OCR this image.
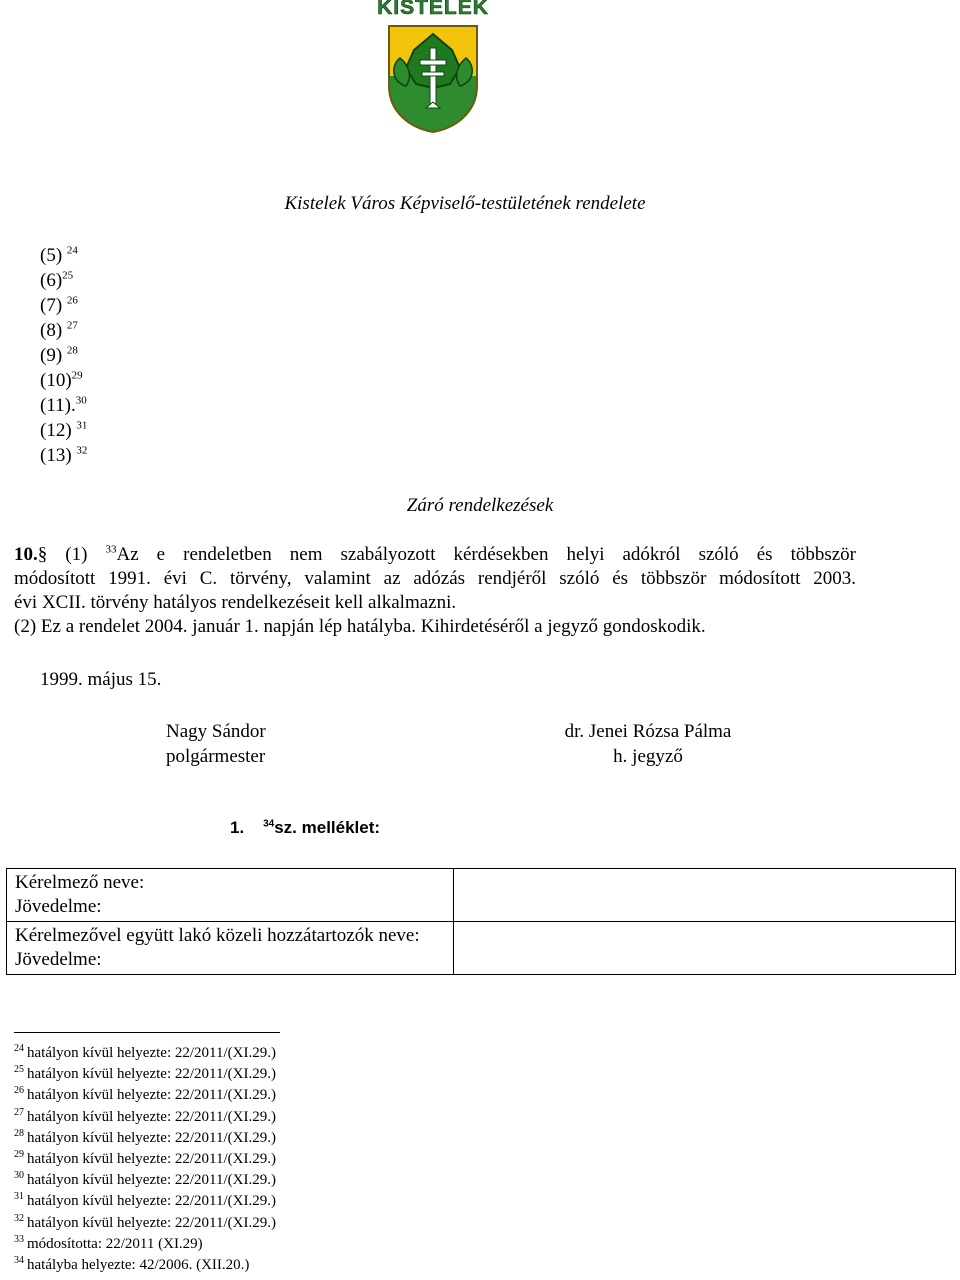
KISTELEK
Kistelek Város Képviselő-testületének rendelete
(5) $^{24}$
$(6)^{25}$
(7) $^{26}$
(8) $^{27}$
(9) $^{28}$
$(10)^{29}$
(11).$^{30}$
(12) $^{31}$
(13) $^{32}$
Záró rendelkezések

10.§ (1) $^{33}$Az e rendeletben nem szabályozott kérdésekben helyi adókról szóló és többször

módosított 1991. évi C. törvény, valamint az adózás rendjéről szóló és többször módosított 2003.

évi XCII. törvény hatályos rendelkezéseit kell alkalmazni.

(2) Ez a rendelet 2004. január 1. napján lép hatályba. Kihirdetéséről a jegyző gondoskodik.

1999. május 15.
Nagy Sándor
polgármester
dr. Jenei Rózsa Pálma
h. jegyző
1. $^{34}$sz. melléklet:
Kérelmező neve:
Jövedelme:	

Kérelmezővel együtt lakó közeli hozzátartozók neve:
Jövedelme:	

$^{24}$ hatályon kívül helyezte: 22/2011/(XI.29.)
$^{25}$ hatályon kívül helyezte: 22/2011/(XI.29.)
$^{26}$ hatályon kívül helyezte: 22/2011/(XI.29.)
$^{27}$ hatályon kívül helyezte: 22/2011/(XI.29.)
$^{28}$ hatályon kívül helyezte: 22/2011/(XI.29.)
$^{29}$ hatályon kívül helyezte: 22/2011/(XI.29.)
$^{30}$ hatályon kívül helyezte: 22/2011/(XI.29.)
$^{31}$ hatályon kívül helyezte: 22/2011/(XI.29.)
$^{32}$ hatályon kívül helyezte: 22/2011/(XI.29.)
$^{33}$ módosította: 22/2011 (XI.29)
$^{34}$ hatályba helyezte: 42/2006. (XII.20.)
